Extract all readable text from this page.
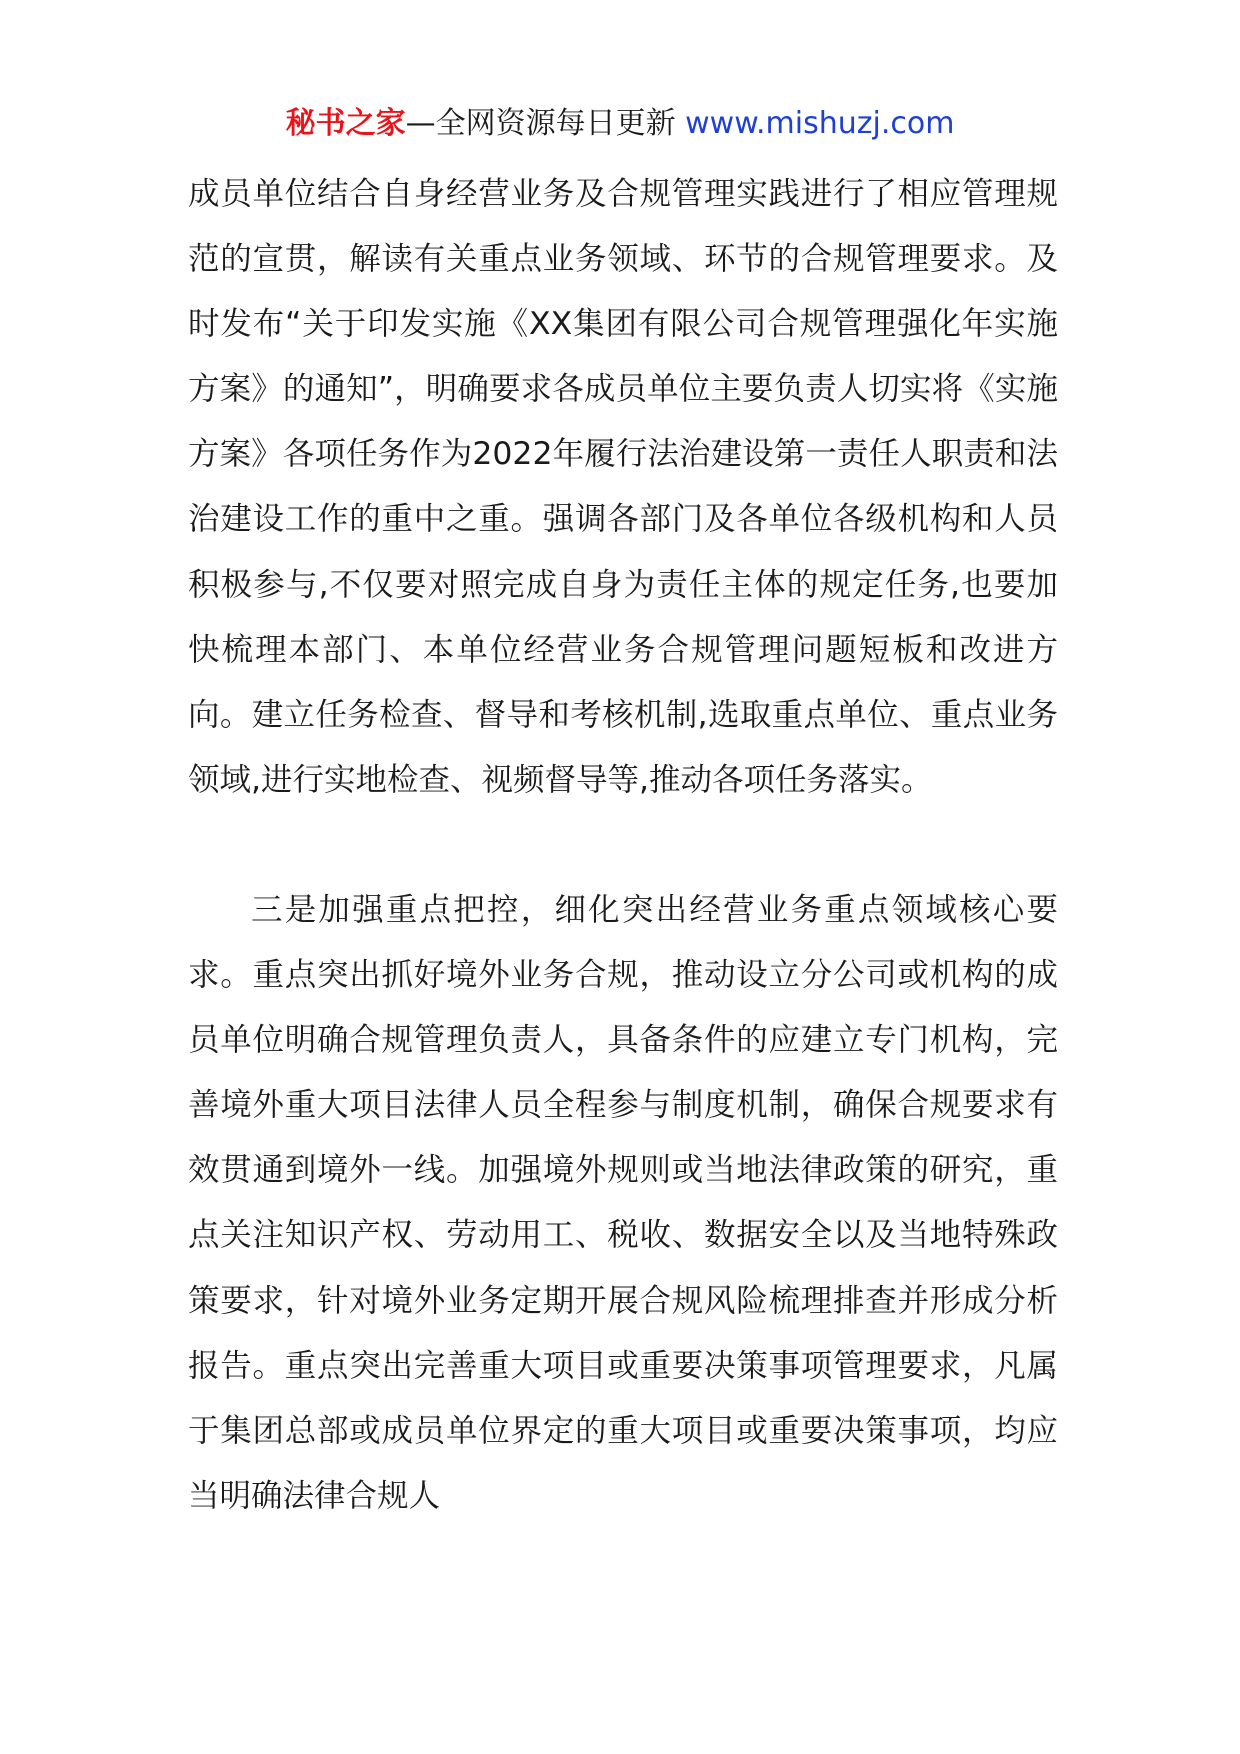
秘书之家—全网资源每日更新 www.mishuzj.com

成员单位结合自身经营业务及合规管理实践进行了相应管理规范的宣贯，解读有关重点业务领域、环节的合规管理要求。及时发布“关于印发实施《XX集团有限公司合规管理强化年实施方案》的通知”，明确要求各成员单位主要负责人切实将《实施方案》各项任务作为2022年履行法治建设第一责任人职责和法治建设工作的重中之重。强调各部门及各单位各级机构和人员积极参与,不仅要对照完成自身为责任主体的规定任务,也要加快梳理本部门、本单位经营业务合规管理问题短板和改进方向。建立任务检查、督导和考核机制,选取重点单位、重点业务领域,进行实地检查、视频督导等,推动各项任务落实。

三是加强重点把控，细化突出经营业务重点领域核心要求。重点突出抓好境外业务合规，推动设立分公司或机构的成员单位明确合规管理负责人，具备条件的应建立专门机构，完善境外重大项目法律人员全程参与制度机制，确保合规要求有效贯通到境外一线。加强境外规则或当地法律政策的研究，重点关注知识产权、劳动用工、税收、数据安全以及当地特殊政策要求，针对境外业务定期开展合规风险梳理排查并形成分析报告。重点突出完善重大项目或重要决策事项管理要求，凡属于集团总部或成员单位界定的重大项目或重要决策事项，均应当明确法律合规人
